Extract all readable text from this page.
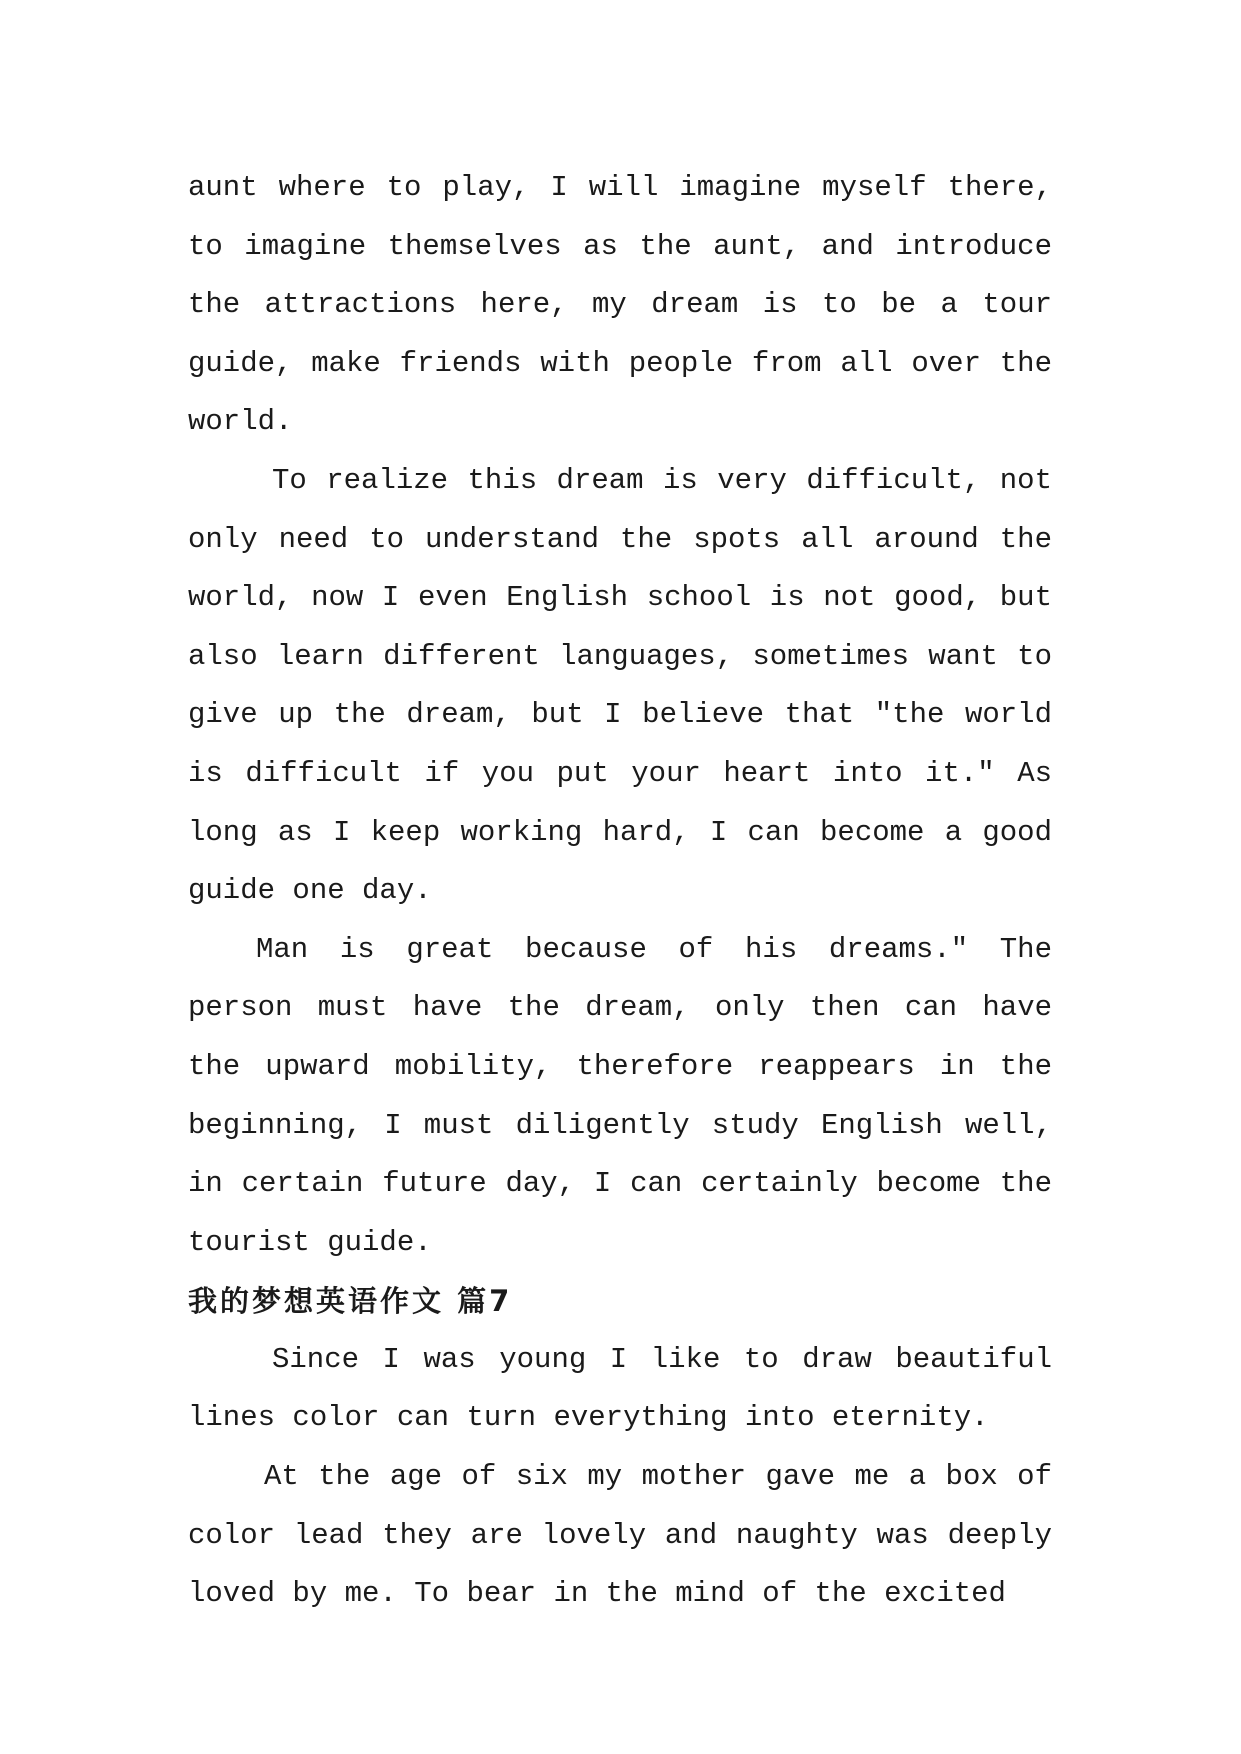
aunt where to play, I will imagine myself there, to imagine themselves as the aunt, and introduce the attractions here, my dream is to be a tour guide, make friends with people from all over the world.

To realize this dream is very difficult, not only need to understand the spots all around the world, now I even English school is not good, but also learn different languages, sometimes want to give up the dream, but I believe that "the world is difficult if you put your heart into it." As long as I keep working hard, I can become a good guide one day.

Man is great because of his dreams." The person must have the dream, only then can have the upward mobility, therefore reappears in the beginning, I must diligently study English well, in certain future day, I can certainly become the tourist guide.

我的梦想英语作文 篇7

Since I was young I like to draw beautiful lines color can turn everything into eternity.

At the age of six my mother gave me a box of color lead they are lovely and naughty was deeply loved by me. To bear in the mind of the excited
